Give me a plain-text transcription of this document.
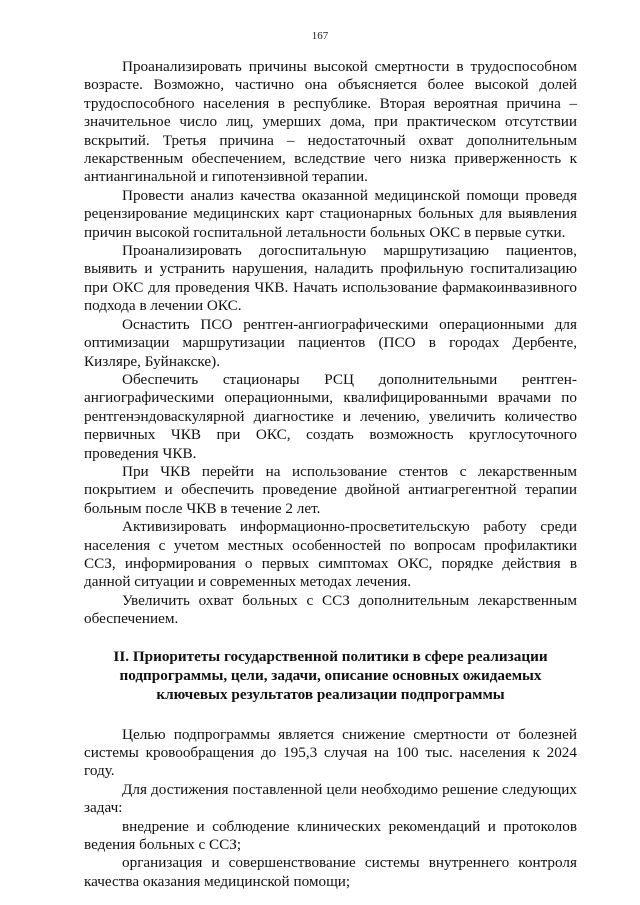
167

Проанализировать причины высокой смертности в трудоспособном возрасте. Возможно, частично она объясняется более высокой долей трудоспособного населения в республике. Вторая вероятная причина – значительное число лиц, умерших дома, при практическом отсутствии вскрытий. Третья причина – недостаточный охват дополнительным лекарственным обеспечением, вследствие чего низка приверженность к антиангинальной и гипотензивной терапии.

Провести анализ качества оказанной медицинской помощи проведя рецензирование медицинских карт стационарных больных для выявления причин высокой госпитальной летальности больных ОКС в первые сутки.

Проанализировать догоспитальную маршрутизацию пациентов, выявить и устранить нарушения, наладить профильную госпитализацию при ОКС для проведения ЧКВ. Начать использование фармакоинвазивного подхода в лечении ОКС.

Оснастить ПСО рентген-ангиографическими операционными для оптимизации маршрутизации пациентов (ПСО в городах Дербенте, Кизляре, Буйнакске).

Обеспечить стационары РСЦ дополнительными рентген-ангиографическими операционными, квалифицированными врачами по рентгенэндоваскулярной диагностике и лечению, увеличить количество первичных ЧКВ при ОКС, создать возможность круглосуточного проведения ЧКВ.

При ЧКВ перейти на использование стентов с лекарственным покрытием и обеспечить проведение двойной антиагрегентной терапии больным после ЧКВ в течение 2 лет.

Активизировать информационно-просветительскую работу среди населения с учетом местных особенностей по вопросам профилактики ССЗ, информирования о первых симптомах ОКС, порядке действия в данной ситуации и современных методах лечения.

Увеличить охват больных с ССЗ дополнительным лекарственным обеспечением.

II. Приоритеты государственной политики в сфере реализации
подпрограммы, цели, задачи, описание основных ожидаемых
ключевых результатов реализации подпрограммы

Целью подпрограммы является снижение смертности от болезней системы кровообращения до 195,3 случая на 100 тыс. населения к 2024 году.

Для достижения поставленной цели необходимо решение следующих задач:

внедрение и соблюдение клинических рекомендаций и протоколов ведения больных с ССЗ;

организация и совершенствование системы внутреннего контроля качества оказания медицинской помощи;
